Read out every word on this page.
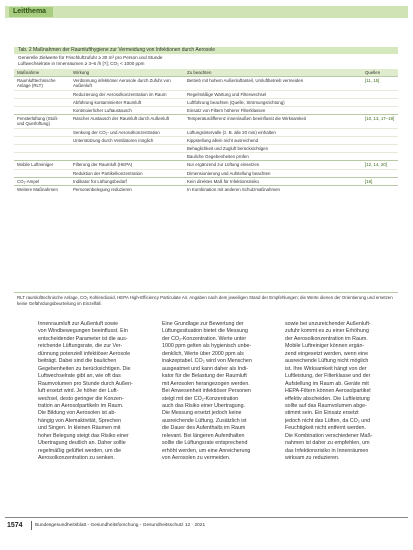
Leitthema
Tab. 2 Maßnahmen der Raumlufthygiene zur Vermeidung von Infektionen durch Aerosole
Generelle Zielwerte für Frischluftzufuhr ≥ 30 m³ pro Person und Stunde
Luftwechselrate in Innenräumen ≥ 3–6 /h [?]; CO₂ < 1000 ppm
Maßnahme	Wirkung	Zu beachten	Quellen
Raumlufttechnische Anlage (RLT)	Verdünnung infektiöser Aerosole durch Zufuhr von Außenluft	Betrieb mit hohem Außenluftanteil, Umluftbetrieb vermeiden	[11, 15]
	Reduzierung der Aerosolkonzentration im Raum	Regelmäßige Wartung und Filterwechsel	
	Abführung kontaminierter Raumluft	Luftführung beachten (Quelle, Strömungsrichtung)	
	Kontinuierlicher Luftaustausch	Einsatz von Filtern höherer Filterklassen	
Fensterlüftung (Stoß- und Querlüftung)	Rascher Austausch der Raumluft durch Außenluft	Temperaturdifferenz innen/außen beeinflusst die Wirksamkeit	[10, 13, 17–19]
	Senkung der CO₂- und Aerosolkonzentration	Lüftungsintervalle (z. B. alle 20 min) einhalten	
	Unterstützung durch Ventilatoren möglich	Kippstellung allein nicht ausreichend	
		Behaglichkeit und Zugluft berücksichtigen	
		Bauliche Gegebenheiten prüfen	
Mobile Luftreiniger	Filterung der Raumluft (HEPA)	Nur ergänzend zur Lüftung einsetzen	[12, 14, 20]
	Reduktion der Partikelkonzentration	Dimensionierung und Aufstellung beachten	
CO₂-Ampel	Indikator für Lüftungsbedarf	Kein direktes Maß für Infektionsrisiko	[16]
Weitere Maßnahmen	Personenbelegung reduzieren	In Kombination mit anderen Schutzmaßnahmen	
RLT raumlufttechnische Anlage, CO₂ Kohlendioxid, HEPA High-Efficiency Particulate Air. Angaben nach dem jeweiligen Stand der Empfehlungen; die Werte dienen der Orientierung und ersetzen keine Gefährdungsbeurteilung im Einzelfall.

Innenraumluft zur Außenluft sowie

von Windbewegungen beeinflusst. Ein

entscheidender Parameter ist die aus-

reichende Lüftungsrate, die zur Ver-

dünnung potenziell infektiöser Aerosole

beiträgt. Dabei sind die baulichen

Gegebenheiten zu berücksichtigen. Die

Luftwechselrate gibt an, wie oft das

Raumvolumen pro Stunde durch Außen-

luft ersetzt wird. Je höher der Luft-

wechsel, desto geringer die Konzen-

tration an Aerosolpartikeln im Raum.

Die Bildung von Aerosolen ist ab-

hängig von Atemaktivität, Sprechen

und Singen. In kleinen Räumen mit

hoher Belegung steigt das Risiko einer

Übertragung deutlich an. Daher sollte

regelmäßig gelüftet werden, um die

Aerosolkonzentration zu senken.

Eine Grundlage zur Bewertung der

Lüftungssituation bietet die Messung

der CO₂-Konzentration. Werte unter

1000 ppm gelten als hygienisch unbe-

denklich, Werte über 2000 ppm als

inakzeptabel. CO₂ wird von Menschen

ausgeatmet und kann daher als Indi-

kator für die Belastung der Raumluft

mit Aerosolen herangezogen werden.

Bei Anwesenheit infektiöser Personen

steigt mit der CO₂-Konzentration

auch das Risiko einer Übertragung.

Die Messung ersetzt jedoch keine

ausreichende Lüftung. Zusätzlich ist

die Dauer des Aufenthalts im Raum

relevant. Bei längeren Aufenthalten

sollte die Lüftungsrate entsprechend

erhöht werden, um eine Anreicherung

von Aerosolen zu vermeiden.

sowie bei unzureichender Außenluft-

zufuhr kommt es zu einer Erhöhung

der Aerosolkonzentration im Raum.

Mobile Luftreiniger können ergän-

zend eingesetzt werden, wenn eine

ausreichende Lüftung nicht möglich

ist. Ihre Wirksamkeit hängt von der

Luftleistung, der Filterklasse und der

Aufstellung im Raum ab. Geräte mit

HEPA-Filtern können Aerosolpartikel

effektiv abscheiden. Die Luftleistung

sollte auf das Raumvolumen abge-

stimmt sein. Ein Einsatz ersetzt

jedoch nicht das Lüften, da CO₂ und

Feuchtigkeit nicht entfernt werden.

Die Kombination verschiedener Maß-

nahmen ist daher zu empfehlen, um

das Infektionsrisiko in Innenräumen

wirksam zu reduzieren.

1574	Bundesgesundheitsblatt - Gesundheitsforschung - Gesundheitsschutz 12 · 2021
